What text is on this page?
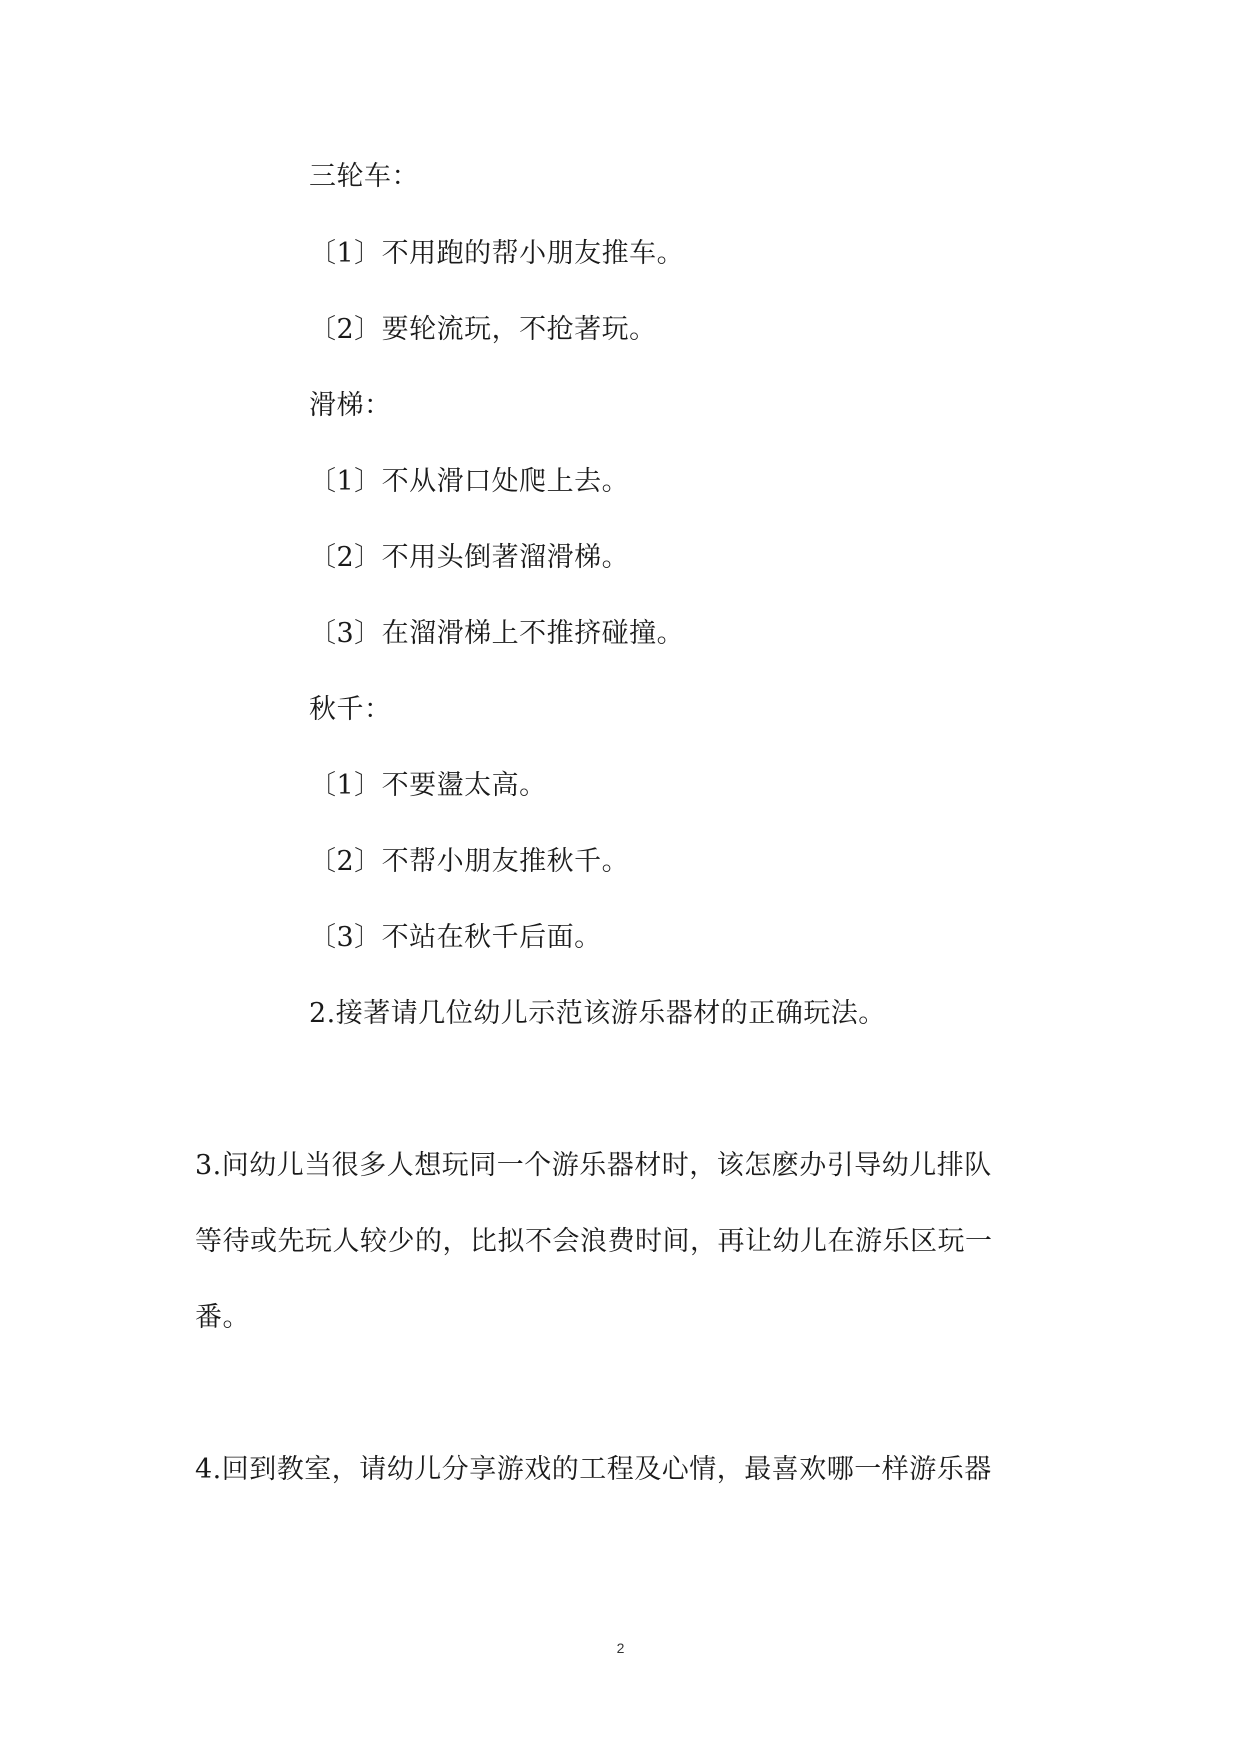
三轮车：
〔1〕不用跑的帮小朋友推车。
〔2〕要轮流玩，不抢著玩。
滑梯：
〔1〕不从滑口处爬上去。
〔2〕不用头倒著溜滑梯。
〔3〕在溜滑梯上不推挤碰撞。
秋千：
〔1〕不要盪太高。
〔2〕不帮小朋友推秋千。
〔3〕不站在秋千后面。
2.接著请几位幼儿示范该游乐器材的正确玩法。
3.问幼儿当很多人想玩同一个游乐器材时，该怎麽办引导幼儿排队
等待或先玩人较少的，比拟不会浪费时间，再让幼儿在游乐区玩一
番。
4.回到教室，请幼儿分享游戏的工程及心情，最喜欢哪一样游乐器
2
